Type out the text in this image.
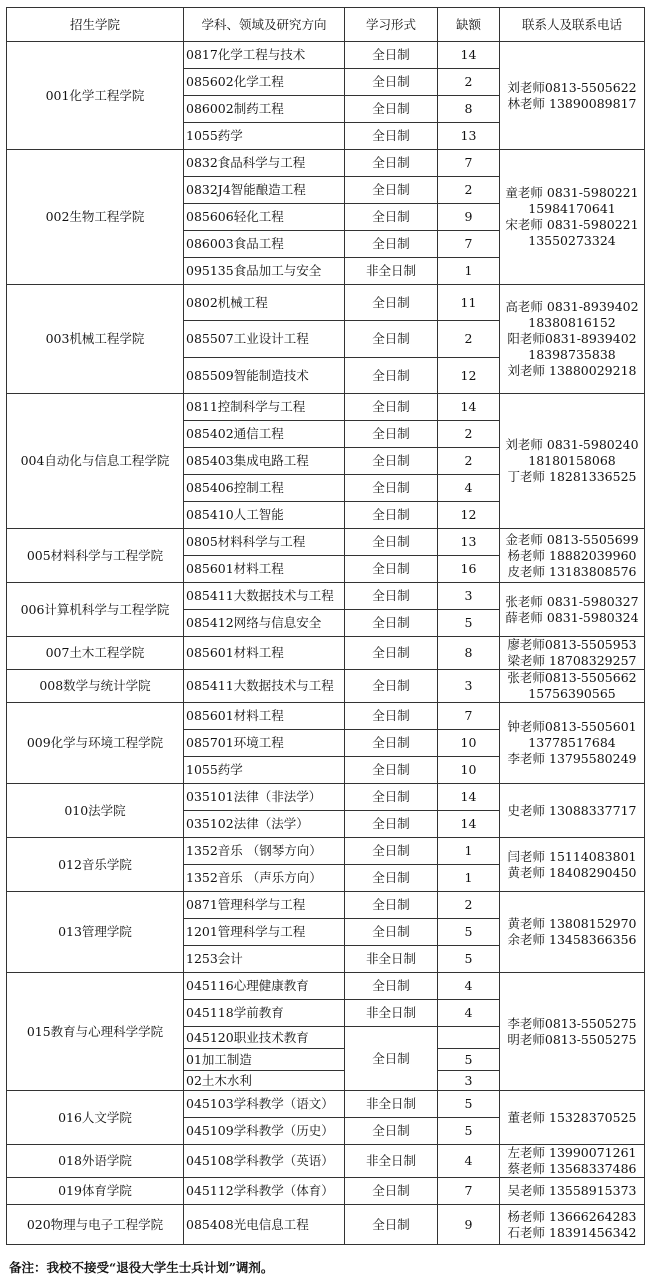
招生学院	学科、领域及研究方向	学习形式	缺额	联系人及联系电话
001化学工程学院	0817化学工程与技术	全日制	14	刘老师0813-5505622
林老师 13890089817

	085602化学工程	全日制	2	
	086002制药工程	全日制	8	
	1055药学	全日制	13	
002生物工程学院	0832食品科学与工程	全日制	7	童老师 0831-5980221
15984170641
宋老师 0831-5980221
13550273324

	0832J4智能酿造工程	全日制	2	
	085606轻化工程	全日制	9	
	086003食品工程	全日制	7	
	095135食品加工与安全	非全日制	1	
003机械工程学院	0802机械工程	全日制	11	高老师 0831-8939402
18380816152
阳老师0831-8939402
18398735838
刘老师 13880029218

	085507工业设计工程	全日制	2	
	085509智能制造技术	全日制	12	
004自动化与信息工程学院	0811控制科学与工程	全日制	14	刘老师 0831-5980240
18180158068
丁老师 18281336525

	085402通信工程	全日制	2	
	085403集成电路工程	全日制	2	
	085406控制工程	全日制	4	
	085410人工智能	全日制	12	
005材料科学与工程学院	0805材料科学与工程	全日制	13	金老师 0813-5505699
杨老师 18882039960
皮老师 13183808576

	085601材料工程	全日制	16	
006计算机科学与工程学院	085411大数据技术与工程	全日制	3	张老师 0831-5980327
薛老师 0831-5980324

	085412网络与信息安全	全日制	5	
007土木工程学院	085601材料工程	全日制	8	廖老师0813-5505953
梁老师 18708329257

008数学与统计学院	085411大数据技术与工程	全日制	3	张老师0813-5505662
15756390565

009化学与环境工程学院	085601材料工程	全日制	7	钟老师0813-5505601
13778517684
李老师 13795580249

	085701环境工程	全日制	10	
	1055药学	全日制	10	
010法学院	035101法律（非法学）	全日制	14	史老师 13088337717

	035102法律（法学）	全日制	14	
012音乐学院	1352音乐 （钢琴方向）	全日制	1	闫老师 15114083801
黄老师 18408290450

	1352音乐 （声乐方向）	全日制	1	
013管理学院	0871管理科学与工程	全日制	2	黄老师 13808152970
余老师 13458366356

	1201管理科学与工程	全日制	5	
	1253会计	非全日制	5	
015教育与心理科学学院	045116心理健康教育	全日制	4	李老师0813-5505275
明老师0813-5505275

	045118学前教育	非全日制	4	
	045120职业技术教育	全日制		
	01加工制造		5	
	02土木水利		3	
016人文学院	045103学科教学（语文）	非全日制	5	董老师 15328370525

	045109学科教学（历史）	全日制	5	
018外语学院	045108学科教学（英语）	非全日制	4	左老师 13990071261
蔡老师 13568337486

019体育学院	045112学科教学（体育）	全日制	7	吴老师 13558915373

020物理与电子工程学院	085408光电信息工程	全日制	9	杨老师 13666264283
石老师 18391456342
备注：我校不接受“退役大学生士兵计划”调剂。
